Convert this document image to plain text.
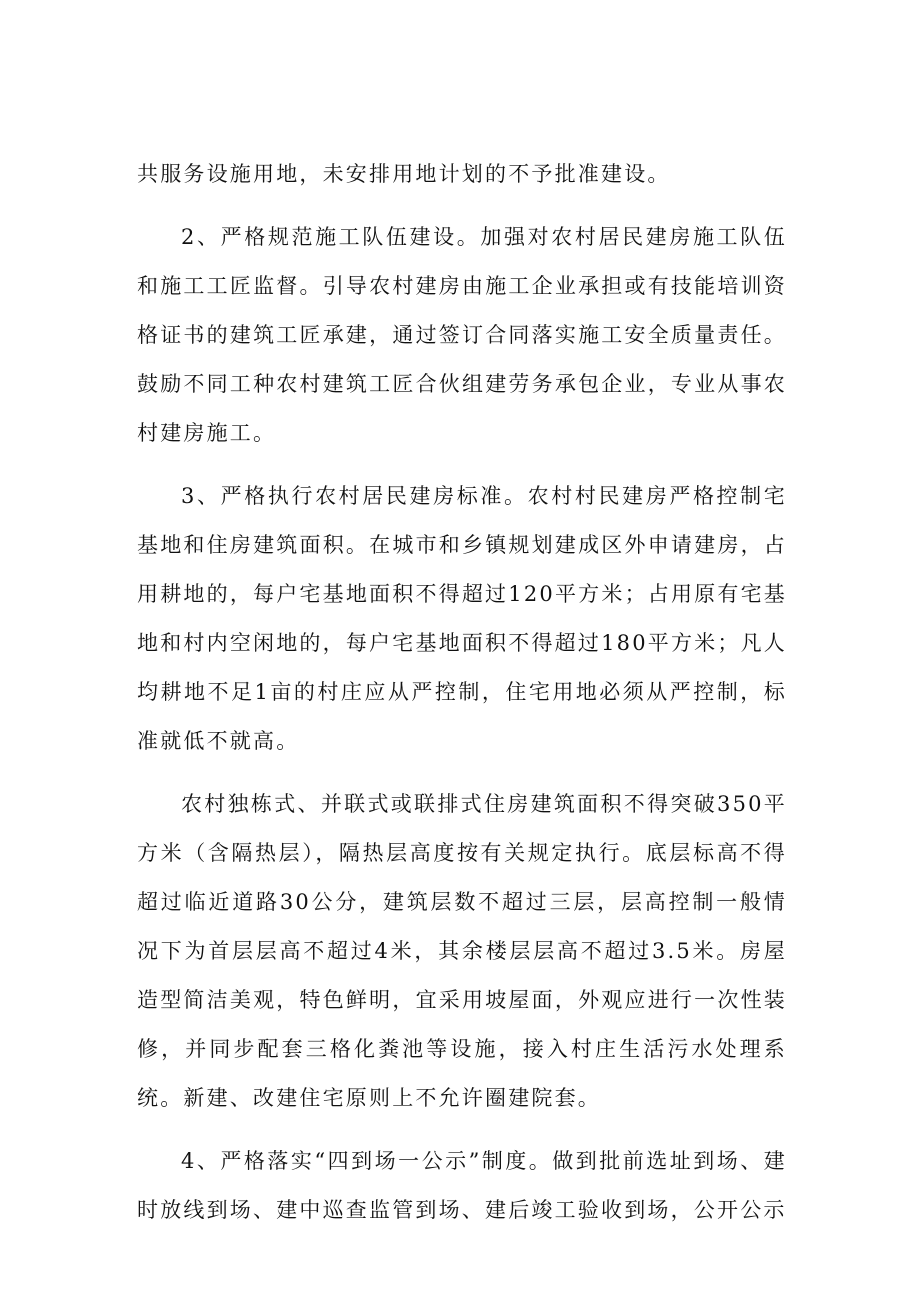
共服务设施用地，未安排用地计划的不予批准建设。

2、严格规范施工队伍建设。加强对农村居民建房施工队伍和施工工匠监督。引导农村建房由施工企业承担或有技能培训资格证书的建筑工匠承建，通过签订合同落实施工安全质量责任。鼓励不同工种农村建筑工匠合伙组建劳务承包企业，专业从事农村建房施工。

3、严格执行农村居民建房标准。农村村民建房严格控制宅基地和住房建筑面积。在城市和乡镇规划建成区外申请建房，占用耕地的，每户宅基地面积不得超过120平方米；占用原有宅基地和村内空闲地的，每户宅基地面积不得超过180平方米；凡人均耕地不足1亩的村庄应从严控制，住宅用地必须从严控制，标准就低不就高。

农村独栋式、并联式或联排式住房建筑面积不得突破350平方米（含隔热层），隔热层高度按有关规定执行。底层标高不得超过临近道路30公分，建筑层数不超过三层，层高控制一般情况下为首层层高不超过4米，其余楼层层高不超过3.5米。房屋造型简洁美观，特色鲜明，宜采用坡屋面，外观应进行一次性装修，并同步配套三格化粪池等设施，接入村庄生活污水处理系统。新建、改建住宅原则上不允许圈建院套。

4、严格落实“四到场一公示”制度。做到批前选址到场、建时放线到场、建中巡查监管到场、建后竣工验收到场，公开公示
